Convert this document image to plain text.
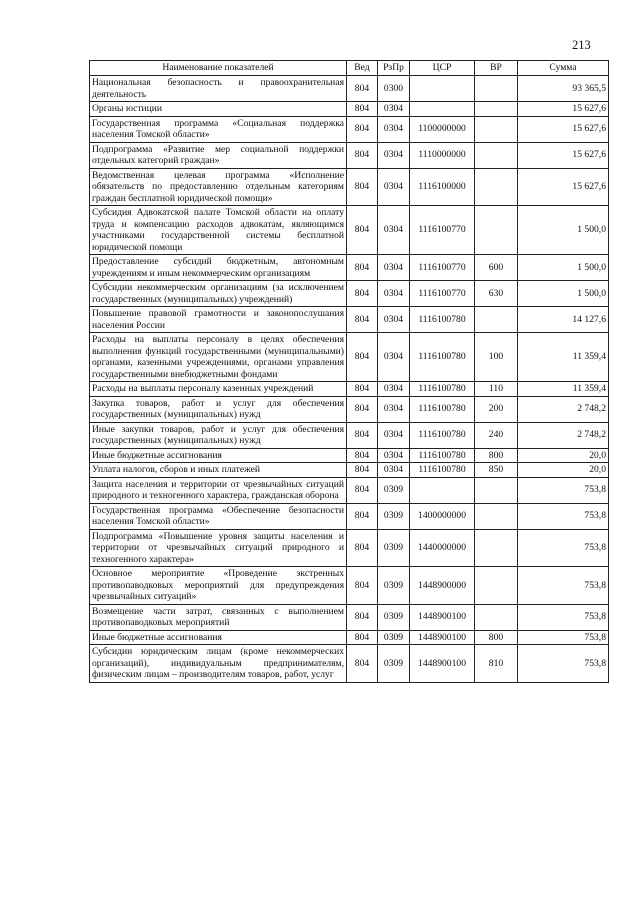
213
Наименование показателей	Вед	РзПр	ЦСР	ВР	Сумма
Национальная безопасность и правоохранительная деятельность	804	0300			93 365,5
Органы юстиции	804	0304			15 627,6
Государственная программа «Социальная поддержка населения Томской области»	804	0304	1100000000		15 627,6
Подпрограмма «Развитие мер социальной поддержки отдельных категорий граждан»	804	0304	1110000000		15 627,6
Ведомственная целевая программа «Исполнение обязательств по предоставлению отдельным категориям граждан бесплатной юридической помощи»	804	0304	1116100000		15 627,6
Субсидия Адвокатской палате Томской области на оплату труда и компенсацию расходов адвокатам, являющимся участниками государственной системы бесплатной юридической помощи	804	0304	1116100770		1 500,0
Предоставление субсидий бюджетным, автономным учреждениям и иным некоммерческим организациям	804	0304	1116100770	600	1 500,0
Субсидии некоммерческим организациям (за исключением государственных (муниципальных) учреждений)	804	0304	1116100770	630	1 500,0
Повышение правовой грамотности и законопослушания населения России	804	0304	1116100780		14 127,6
Расходы на выплаты персоналу в целях обеспечения выполнения функций государственными (муниципальными) органами, казенными учреждениями, органами управления государственными внебюджетными фондами	804	0304	1116100780	100	11 359,4
Расходы на выплаты персоналу казенных учреждений	804	0304	1116100780	110	11 359,4
Закупка товаров, работ и услуг для обеспечения государственных (муниципальных) нужд	804	0304	1116100780	200	2 748,2
Иные закупки товаров, работ и услуг для обеспечения государственных (муниципальных) нужд	804	0304	1116100780	240	2 748,2
Иные бюджетные ассигнования	804	0304	1116100780	800	20,0
Уплата налогов, сборов и иных платежей	804	0304	1116100780	850	20,0
Защита населения и территории от чрезвычайных ситуаций природного и техногенного характера, гражданская оборона	804	0309			753,8
Государственная программа «Обеспечение безопасности населения Томской области»	804	0309	1400000000		753,8
Подпрограмма «Повышение уровня защиты населения и территории от чрезвычайных ситуаций природного и техногенного характера»	804	0309	1440000000		753,8
Основное мероприятие «Проведение экстренных противопаводковых мероприятий для предупреждения чрезвычайных ситуаций»	804	0309	1448900000		753,8
Возмещение части затрат, связанных с выполнением противопаводковых мероприятий	804	0309	1448900100		753,8
Иные бюджетные ассигнования	804	0309	1448900100	800	753,8
Субсидии юридическим лицам (кроме некоммерческих организаций), индивидуальным предпринимателям, физическим лицам – производителям товаров, работ, услуг	804	0309	1448900100	810	753,8
